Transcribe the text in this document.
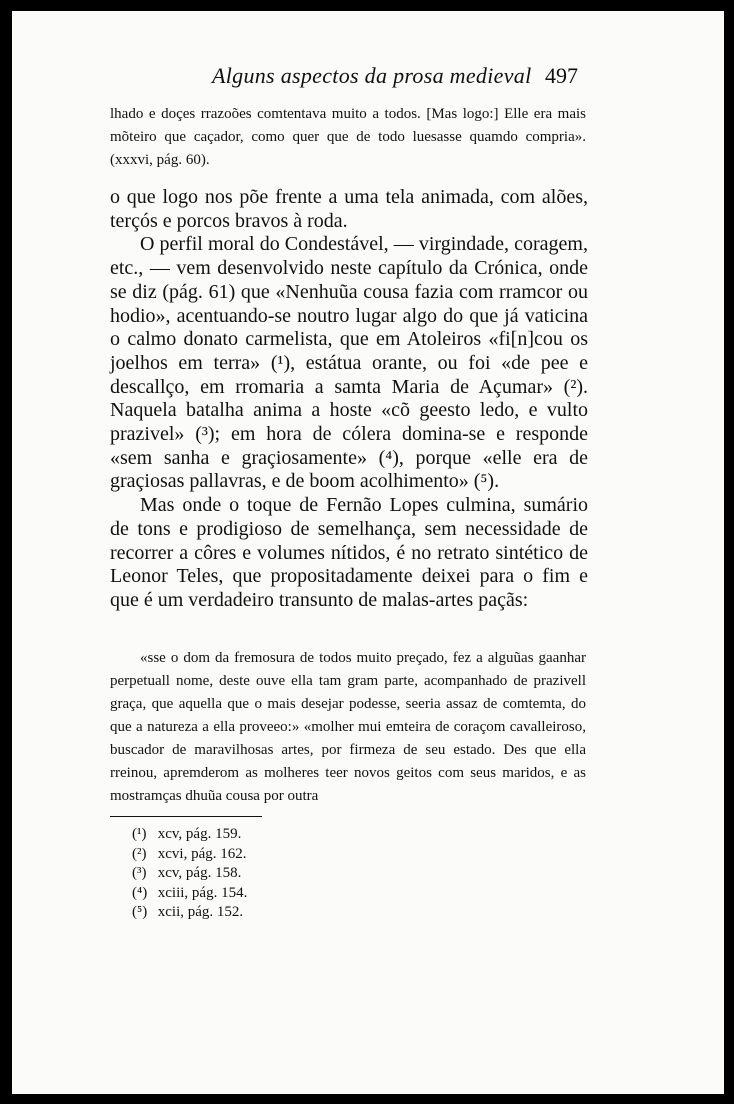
Alguns aspectos da prosa medieval 497
lhado e doçes rrazoões comtentava muito a todos. [Mas logo:] Elle era mais mõteiro que caçador, como quer que de todo luesasse quamdo compria». (xxxvi, pág. 60).

o que logo nos põe frente a uma tela animada, com alões, terçós e porcos bravos à roda.

O perfil moral do Condestável, — virgindade, coragem, etc., — vem desenvolvido neste capítulo da Crónica, onde se diz (pág. 61) que «Nenhuũa cousa fazia com rramcor ou hodio», acentuando-se noutro lugar algo do que já vaticina o calmo donato carmelista, que em Atoleiros «fi[n]cou os joelhos em terra» (¹), estátua orante, ou foi «de pee e descallço, em rromaria a samta Maria de Açumar» (²). Naquela batalha anima a hoste «cõ geesto ledo, e vulto prazivel» (³); em hora de cólera domina-se e responde «sem sanha e graçiosamente» (⁴), porque «elle era de graçiosas pallavras, e de boom acolhimento» (⁵).

Mas onde o toque de Fernão Lopes culmina, sumário de tons e prodigioso de semelhança, sem necessidade de recorrer a côres e volumes nítidos, é no retrato sintético de Leonor Teles, que propositadamente deixei para o fim e que é um verdadeiro transunto de malas-artes paçãs:

«sse o dom da fremosura de todos muito preçado, fez a alguũas gaanhar perpetuall nome, deste ouve ella tam gram parte, acompanhado de prazivell graça, que aquella que o mais desejar podesse, seeria assaz de comtemta, do que a natureza a ella proveeo:» «molher mui emteira de coraçom cavalleiroso, buscador de maravilhosas artes, por firmeza de seu estado. Des que ella rreinou, apremderom as molheres teer novos geitos com seus maridos, e as mostramças dhuũa cousa por outra

(¹) xcv, pág. 159.
(²) xcvi, pág. 162.
(³) xcv, pág. 158.
(⁴) xciii, pág. 154.
(⁵) xcii, pág. 152.
